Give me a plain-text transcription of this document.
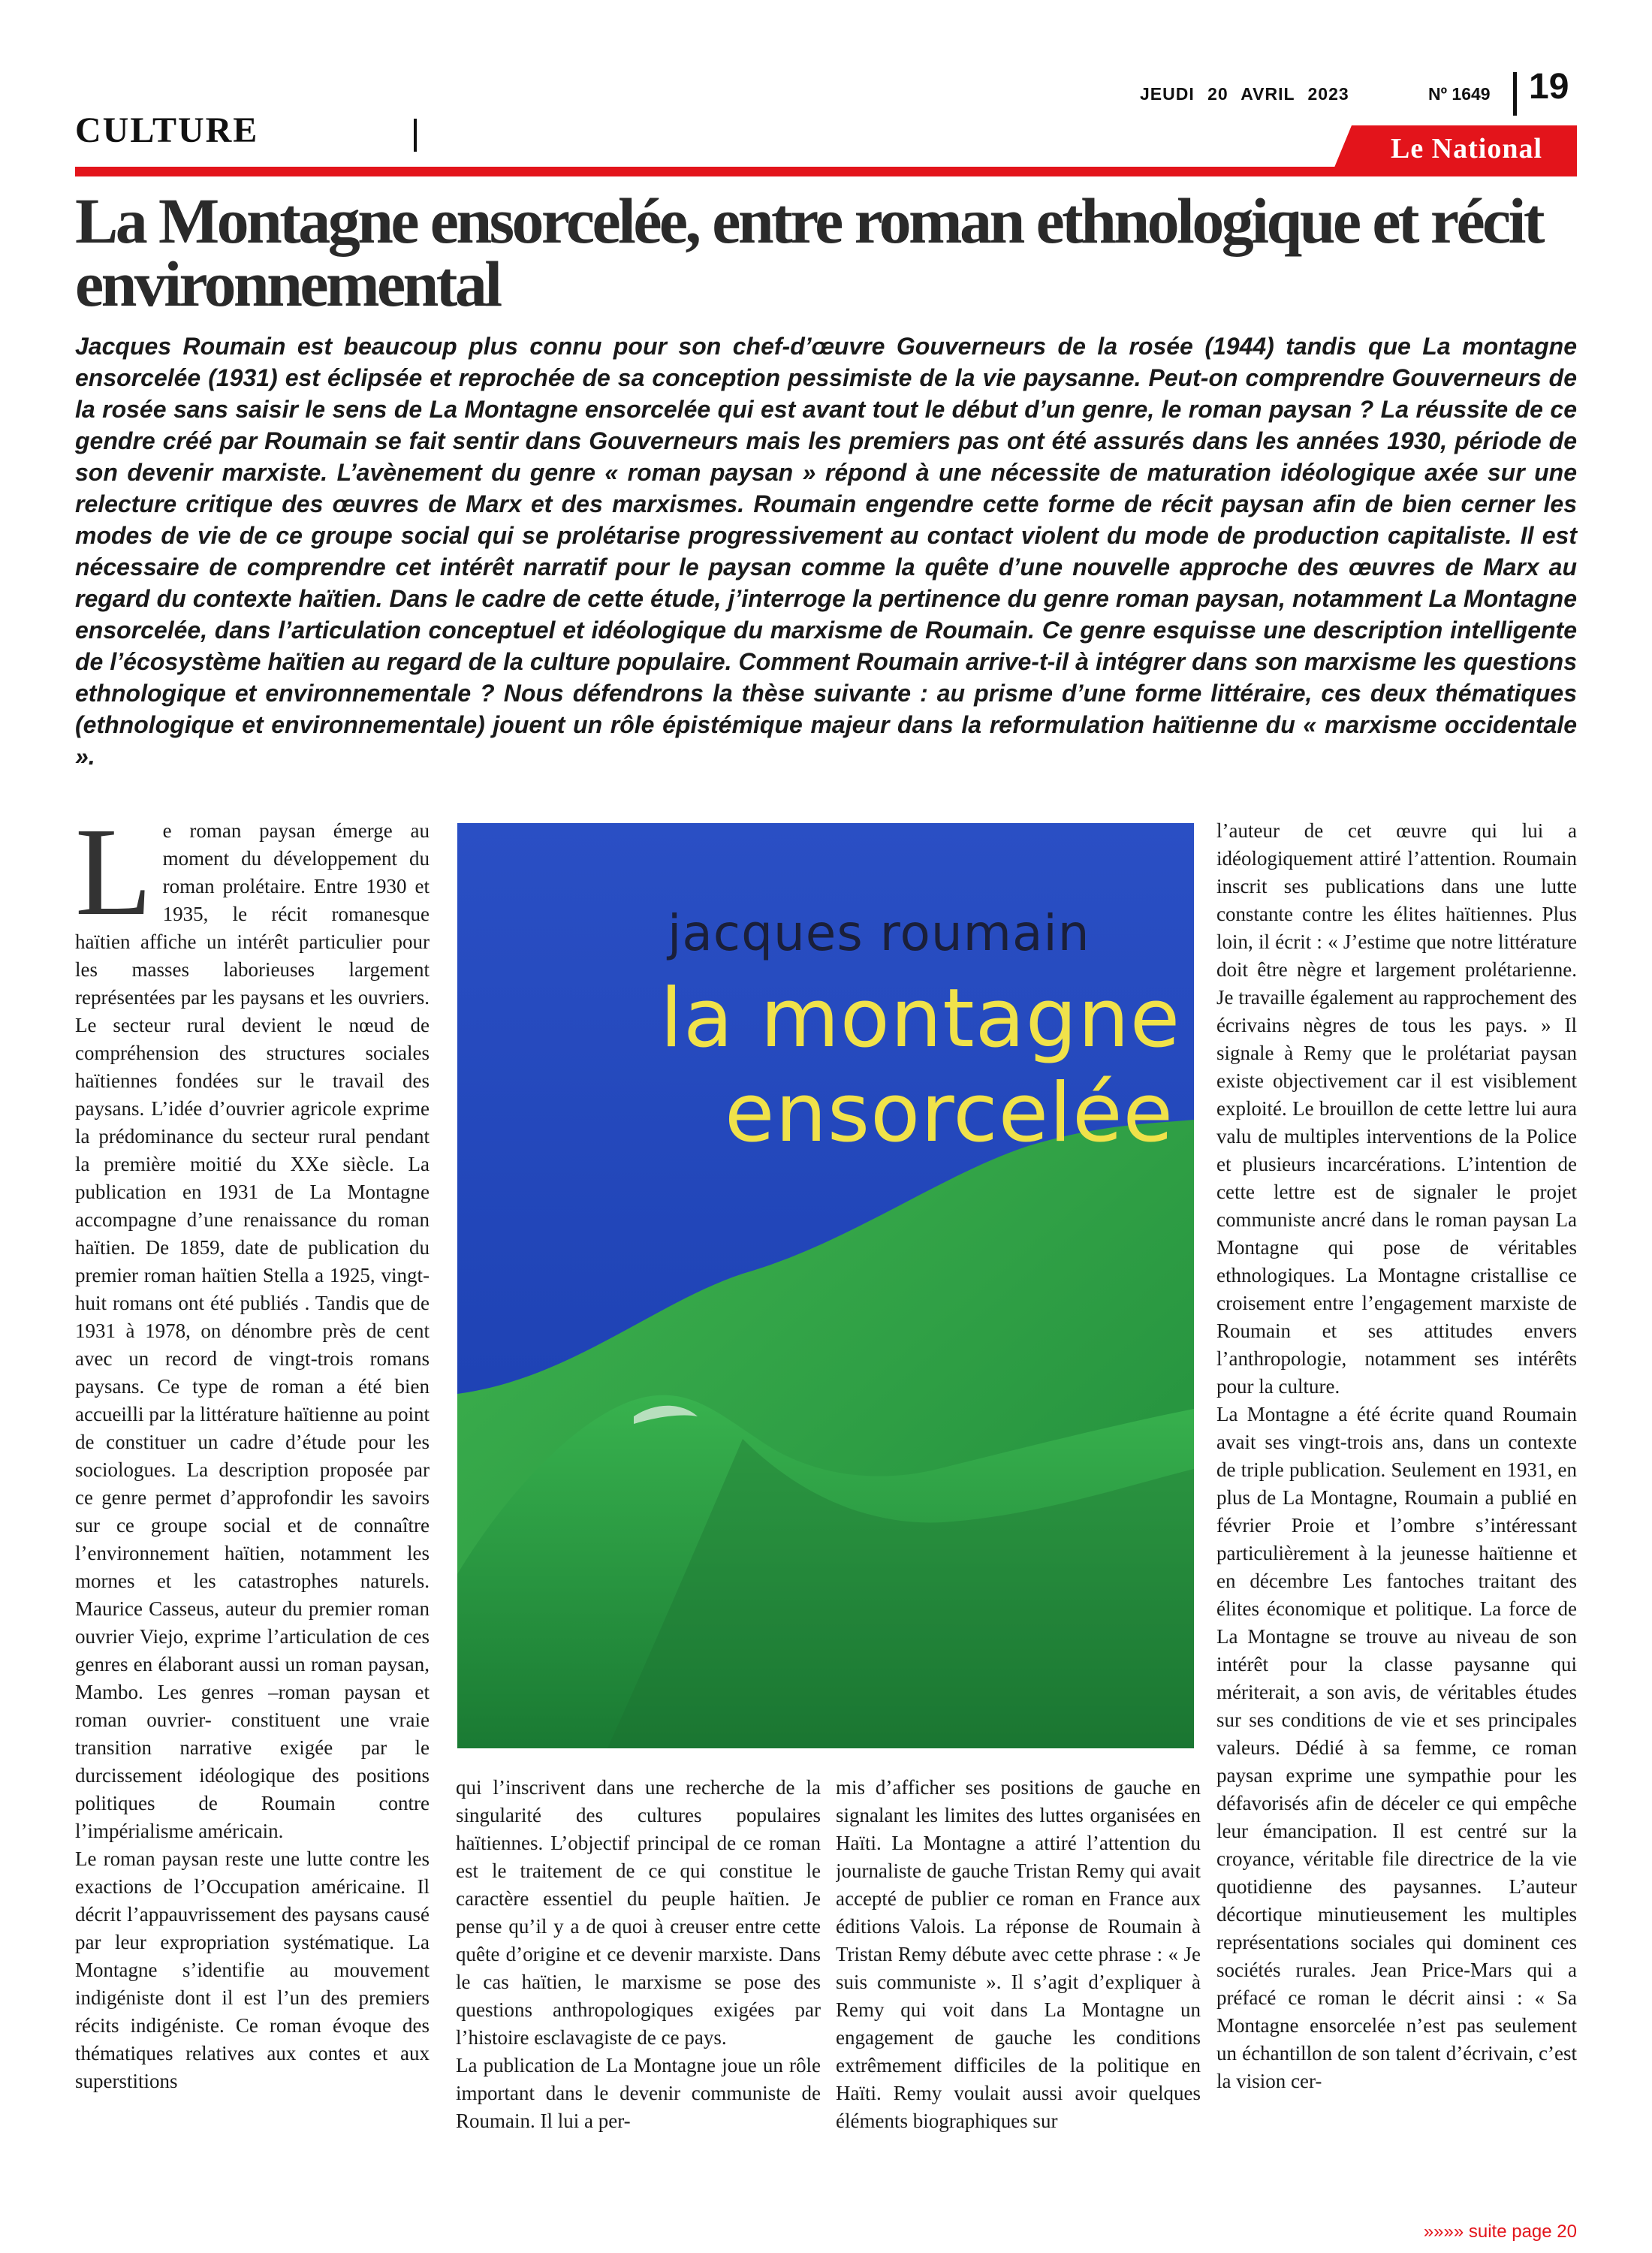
JEUDI 20 AVRIL 2023	Nº 1649 19
CULTURE	Le National
La Montagne ensorcelée, entre roman ethnologique et récit environnemental

Jacques Roumain est beaucoup plus connu pour son chef-d’œuvre Gouverneurs de la rosée (1944) tandis que La montagne ensorcelée (1931) est éclipsée et reprochée de sa conception pessimiste de la vie paysanne. Peut-on comprendre Gouverneurs de la rosée sans saisir le sens de La Montagne ensorcelée qui est avant tout le début d’un genre, le roman paysan ? La réussite de ce gendre créé par Roumain se fait sentir dans Gouverneurs mais les premiers pas ont été assurés dans les années 1930, période de son devenir marxiste. L’avènement du genre « roman paysan » répond à une nécessite de maturation idéologique axée sur une relecture critique des œuvres de Marx et des marxismes. Roumain engendre cette forme de récit paysan afin de bien cerner les modes de vie de ce groupe social qui se prolétarise progressivement au contact violent du mode de production capitaliste. Il est nécessaire de comprendre cet intérêt narratif pour le paysan comme la quête d’une nouvelle approche des œuvres de Marx au regard du contexte haïtien. Dans le cadre de cette étude, j’interroge la pertinence du genre roman paysan, notamment La Montagne ensorcelée, dans l’articulation conceptuel et idéologique du marxisme de Roumain. Ce genre esquisse une description intelligente de l’écosystème haïtien au regard de la culture populaire. Comment Roumain arrive-t-il à intégrer dans son marxisme les questions ethnologique et environnementale ? Nous défendrons la thèse suivante : au prisme d’une forme littéraire, ces deux thématiques (ethnologique et environnementale) jouent un rôle épistémique majeur dans la reformulation haïtienne du « marxisme occidentale ».

Le roman paysan émerge au moment du développement du roman prolétaire. Entre 1930 et 1935, le récit romanesque haïtien affiche un intérêt particulier pour les masses laborieuses largement représentées par les paysans et les ouvriers. Le secteur rural devient le nœud de compréhension des structures sociales haïtiennes fondées sur le travail des paysans. L’idée d’ouvrier agricole exprime la prédominance du secteur rural pendant la première moitié du XXe siècle. La publication en 1931 de La Montagne accompagne d’une renaissance du roman haïtien. De 1859, date de publication du premier roman haïtien Stella a 1925, vingt-huit romans ont été publiés . Tandis que de 1931 à 1978, on dénombre près de cent avec un record de vingt-trois romans paysans. Ce type de roman a été bien accueilli par la littérature haïtienne au point de constituer un cadre d’étude pour les sociologues. La description proposée par ce genre permet d’approfondir les savoirs sur ce groupe social et de connaître l’environnement haïtien, notamment les mornes et les catastrophes naturels. Maurice Casseus, auteur du premier roman ouvrier Viejo, exprime l’articulation de ces genres en élaborant aussi un roman paysan, Mambo. Les genres –roman paysan et roman ouvrier- constituent une vraie transition narrative exigée par le durcissement idéologique des positions politiques de Roumain contre l’impérialisme américain.

Le roman paysan reste une lutte contre les exactions de l’Occupation américaine. Il décrit l’appauvrissement des paysans causé par leur expropriation systématique. La Montagne s’identifie au mouvement indigéniste dont il est l’un des premiers récits indigéniste. Ce roman évoque des thématiques relatives aux contes et aux superstitions

jacques roumain
la montagne
ensorcelée

qui l’inscrivent dans une recherche de la singularité des cultures populaires haïtiennes. L’objectif principal de ce roman est le traitement de ce qui constitue le caractère essentiel du peuple haïtien. Je pense qu’il y a de quoi à creuser entre cette quête d’origine et ce devenir marxiste. Dans le cas haïtien, le marxisme se pose des questions anthropologiques exigées par l’histoire esclavagiste de ce pays.

La publication de La Montagne joue un rôle important dans le devenir communiste de Roumain. Il lui a per-

mis d’afficher ses positions de gauche en signalant les limites des luttes organisées en Haïti. La Montagne a attiré l’attention du journaliste de gauche Tristan Remy qui avait accepté de publier ce roman en France aux éditions Valois. La réponse de Roumain à Tristan Remy débute avec cette phrase : « Je suis communiste ». Il s’agit d’expliquer à Remy qui voit dans La Montagne un engagement de gauche les conditions extrêmement difficiles de la politique en Haïti. Remy voulait aussi avoir quelques éléments biographiques sur

l’auteur de cet œuvre qui lui a idéologiquement attiré l’attention. Roumain inscrit ses publications dans une lutte constante contre les élites haïtiennes. Plus loin, il écrit : « J’estime que notre littérature doit être nègre et largement prolétarienne. Je travaille également au rapprochement des écrivains nègres de tous les pays. » Il signale à Remy que le prolétariat paysan existe objectivement car il est visiblement exploité. Le brouillon de cette lettre lui aura valu de multiples interventions de la Police et plusieurs incarcérations. L’intention de cette lettre est de signaler le projet communiste ancré dans le roman paysan La Montagne qui pose de véritables ethnologiques. La Montagne cristallise ce croisement entre l’engagement marxiste de Roumain et ses attitudes envers l’anthropologie, notamment ses intérêts pour la culture.

La Montagne a été écrite quand Roumain avait ses vingt-trois ans, dans un contexte de triple publication. Seulement en 1931, en plus de La Montagne, Roumain a publié en février Proie et l’ombre s’intéressant particulièrement à la jeunesse haïtienne et en décembre Les fantoches traitant des élites économique et politique. La force de La Montagne se trouve au niveau de son intérêt pour la classe paysanne qui mériterait, a son avis, de véritables études sur ses conditions de vie et ses principales valeurs. Dédié à sa femme, ce roman paysan exprime une sympathie pour les défavorisés afin de déceler ce qui empêche leur émancipation. Il est centré sur la croyance, véritable file directrice de la vie quotidienne des paysannes. L’auteur décortique minutieusement les multiples représentations sociales qui dominent ces sociétés rurales. Jean Price-Mars qui a préfacé ce roman le décrit ainsi : « Sa Montagne ensorcelée n’est pas seulement un échantillon de son talent d’écrivain, c’est la vision cer-

»»»» suite page 20
